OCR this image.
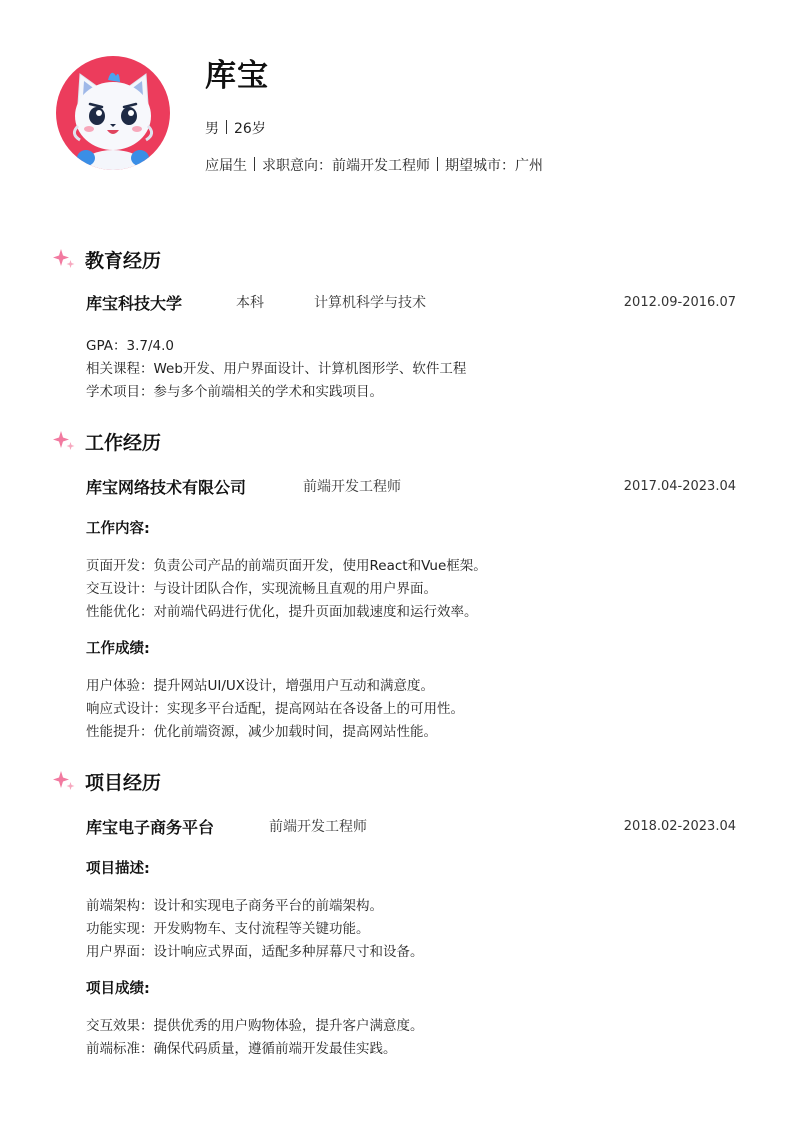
库宝
男 26岁
应届生 求职意向：前端开发工程师 期望城市：广州
教育经历
库宝科技大学	本科	计算机科学与技术	2012.09-2016.07
GPA：3.7/4.0
相关课程：Web开发、用户界面设计、计算机图形学、软件工程
学术项目：参与多个前端相关的学术和实践项目。
工作经历
库宝网络技术有限公司	前端开发工程师	2017.04-2023.04
工作内容:
页面开发：负责公司产品的前端页面开发，使用React和Vue框架。
交互设计：与设计团队合作，实现流畅且直观的用户界面。
性能优化：对前端代码进行优化，提升页面加载速度和运行效率。
工作成绩:
用户体验：提升网站UI/UX设计，增强用户互动和满意度。
响应式设计：实现多平台适配，提高网站在各设备上的可用性。
性能提升：优化前端资源，减少加载时间，提高网站性能。
项目经历
库宝电子商务平台	前端开发工程师	2018.02-2023.04
项目描述:
前端架构：设计和实现电子商务平台的前端架构。
功能实现：开发购物车、支付流程等关键功能。
用户界面：设计响应式界面，适配多种屏幕尺寸和设备。
项目成绩:
交互效果：提供优秀的用户购物体验，提升客户满意度。
前端标准：确保代码质量，遵循前端开发最佳实践。
